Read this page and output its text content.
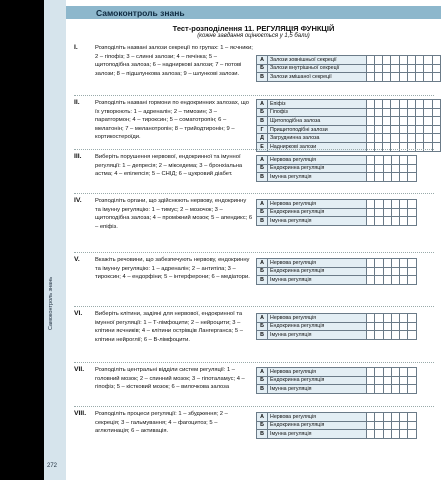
Самоконтроль знань
272
Самоконтроль знань
Тест-розподілення 11. РЕГУЛЯЦІЯ ФУНКЦІЙ
(кожне завдання оцінюється у 1,5 бали)
I.	Розподіліть названі залози секреції по групах: 1 – яєчники; 2 – гіпофіз; 3 – слинні залози; 4 – печінка; 5 – щитоподібна залоза; 6 – надниркові залози; 7 – потові залози; 8 – підшлункова залоза; 9 – шлункові залози.
А	Залози зовнішньої секреції									
Б	Залози внутрішньої секреції									
В	Залози змішаної секреції									
II.	Розподіліть названі гормони по ендокринних залозах, що їх утворюють: 1 – адреналін; 2 – тимозин; 3 – паратгормон; 4 – тироксин; 5 – соматотропін; 6 – мелатонін; 7 – меланотропін; 8 – трийодтиронін; 9 – кортикостероїди.
А	Епіфіз									
Б	Гіпофіз									
В	Щитоподібна залоза									
Г	Прищитоподібні залози									
Д	Загруднинна залоза									
Е	Наднирковi залози									
III. Виберіть порушення нервової, ендокринної та імунної регуляції: 1 – депресія; 2 – мікседема; 3 – бронхіальна астма; 4 – епілепсія; 5 – СНІД; 6 – цукровий діабет.
А	Нервова регуляція						
Б	Ендокринна регуляція						
В	Імунна регуляція						
IV. Розподіліть органи, що здійснюють нервову, ендокринну та імунну регуляцію: 1 – тимус; 2 – мозочок; 3 – щитоподібна залоза; 4 – проміжний мозок; 5 – апендикс; 6 – епіфіз.
А	Нервова регуляція						
Б	Ендокринна регуляція						
В	Імунна регуляція						
V.	Вкажіть речовини, що забезпечують нервову, ендокринну та імунну регуляцію: 1 – адреналін; 2 – антитіла; 3 – тироксин; 4 – ендорфіни; 5 – інтерферони; 6 – медіатори.
А	Нервова регуляція						
Б	Ендокринна регуляція						
В	Імунна регуляція						
VI. Виберіть клітини, задіяні для нервової, ендокринної та імунної регуляції: 1 – Т-лімфоцити; 2 – нейроцити; 3 – клітини яєчників; 4 – клітини острівців Лангерганса; 5 – клітини нейроглії; 6 – В-лімфоцити.
А	Нервова регуляція						
Б	Ендокринна регуляція						
В	Імунна регуляція						
VII. Розподіліть центральні відділи систем регуляції: 1 – головний мозок; 2 – спинний мозок; 3 – гіпоталамус; 4 – гіпофіз; 5 – кістковий мозок; 6 – вилочкова залоза
А	Нервова регуляція						
Б	Ендокринна регуляція						
В	Імунна регуляція						
VIII. Розподіліть процеси регуляції: 1 – збудження; 2 – секреція; 3 – гальмування; 4 – фагоцитоз; 5 – аглютинація; 6 – активація.
А	Нервова регуляція						
Б	Ендокринна регуляція						
В	Імунна регуляція						
